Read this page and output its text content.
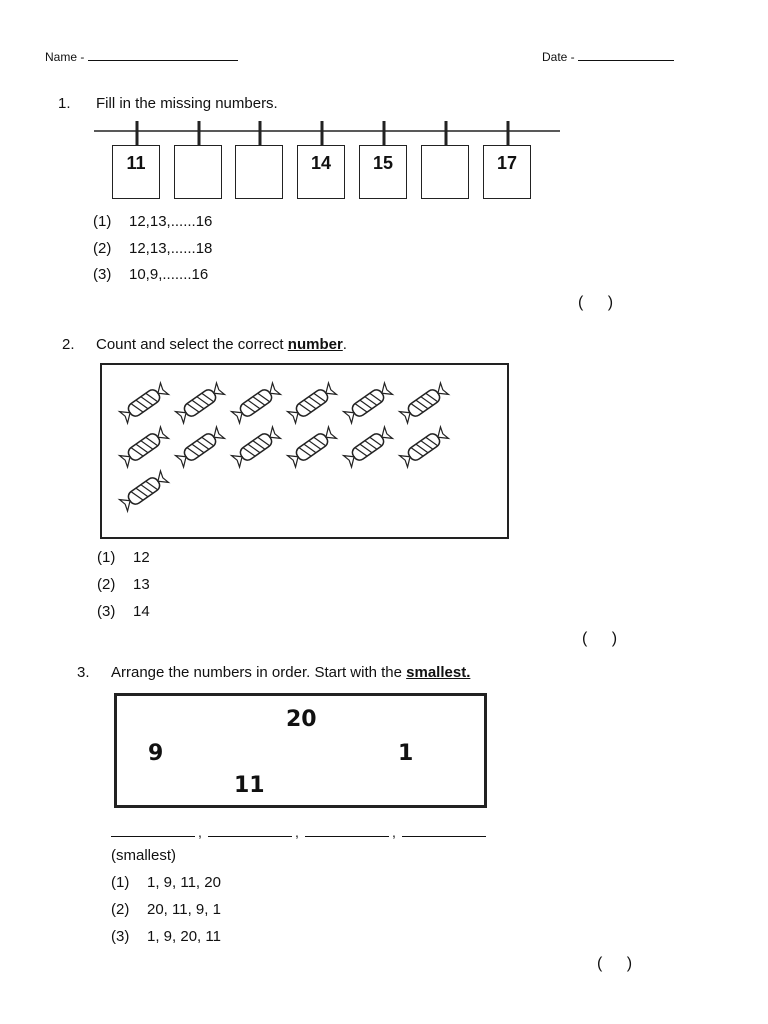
Name -	Date -
1. Fill in the missing numbers.
11	14	15	17
(1) 12,13,......16
(2) 12,13,......18
(3) 10,9,.......16
( )
2. Count and select the correct number.
(1) 12
(2) 13
(3) 14
( )
3. Arrange the numbers in order. Start with the smallest.
20
9	1
11
,	,	,
(smallest)
(1) 1, 9, 11, 20
(2) 20, 11, 9, 1
(3) 1, 9, 20, 11
( )
